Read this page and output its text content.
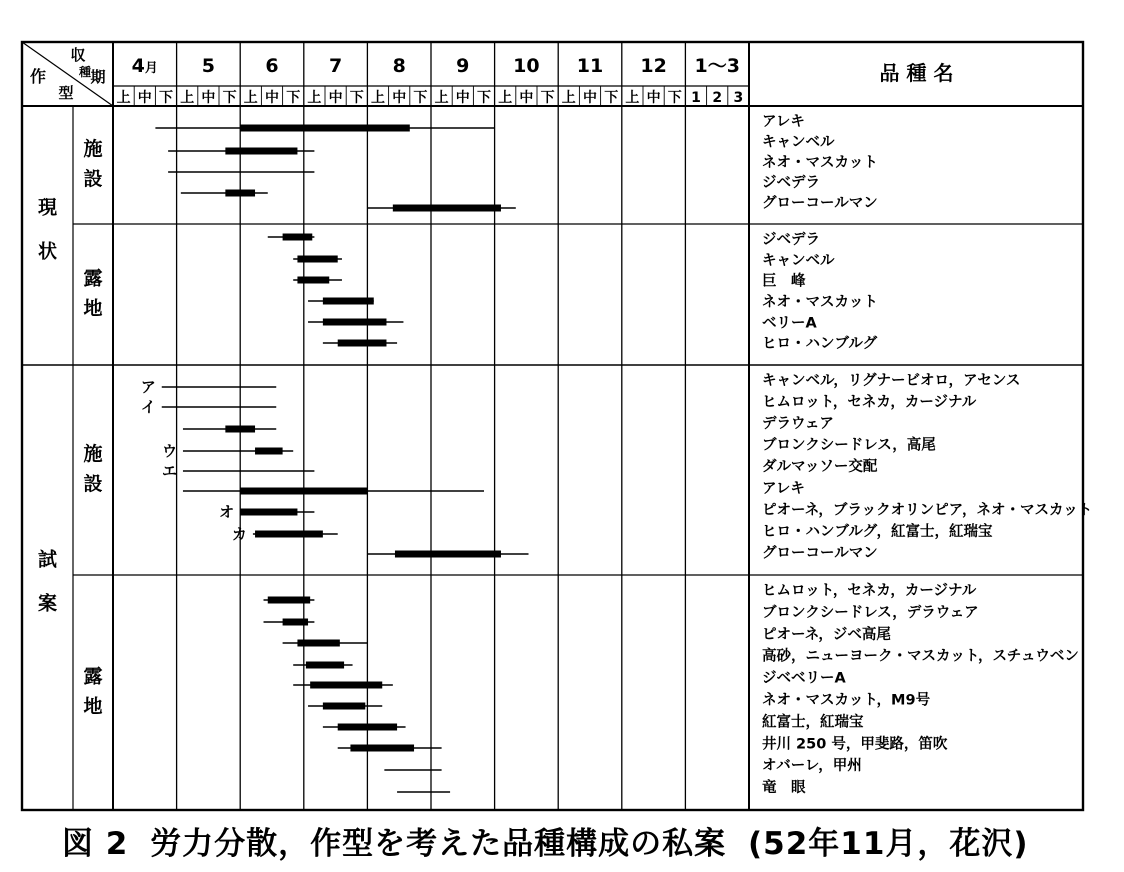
収
種 期
作
型
4月
上 中 下
5
上 中 下
6
上 中 下
7
上 中 下
8
上 中 下
9
上 中 下
10
上 中 下
11
上 中 下
12
上 中 下
1〜3
1 2 3
品 種 名
現
状
施
設
アレキ
キャンベル
ネオ・マスカット
ジベデラ
グローコールマン
露
地
ジベデラ
キャンベル
巨　峰
ネオ・マスカット
ベリーA
ヒロ・ハンブルグ
試
案
施
設
キャンベル，リグナービオロ，アセンス
ヒムロット，セネカ，カージナル
デラウェア
ブロンクシードレス，高尾
ダルマッソー交配
アレキ
ピオーネ，ブラックオリンピア，ネオ・マスカット
ヒロ・ハンブルグ，紅富士，紅瑞宝
グローコールマン
ア
イ
ウ
エ
オ
カ
露
地
ヒムロット，セネカ，カージナル
ブロンクシードレス，デラウェア
ピオーネ，ジベ高尾
高砂，ニューヨーク・マスカット，スチュウベン
ジベベリーA
ネオ・マスカット，M9号
紅富士，紅瑞宝
井川 250 号，甲斐路，笛吹
オバーレ，甲州
竜　眼
図 2 労力分散，作型を考えた品種構成の私案 (52年11月，花沢)
